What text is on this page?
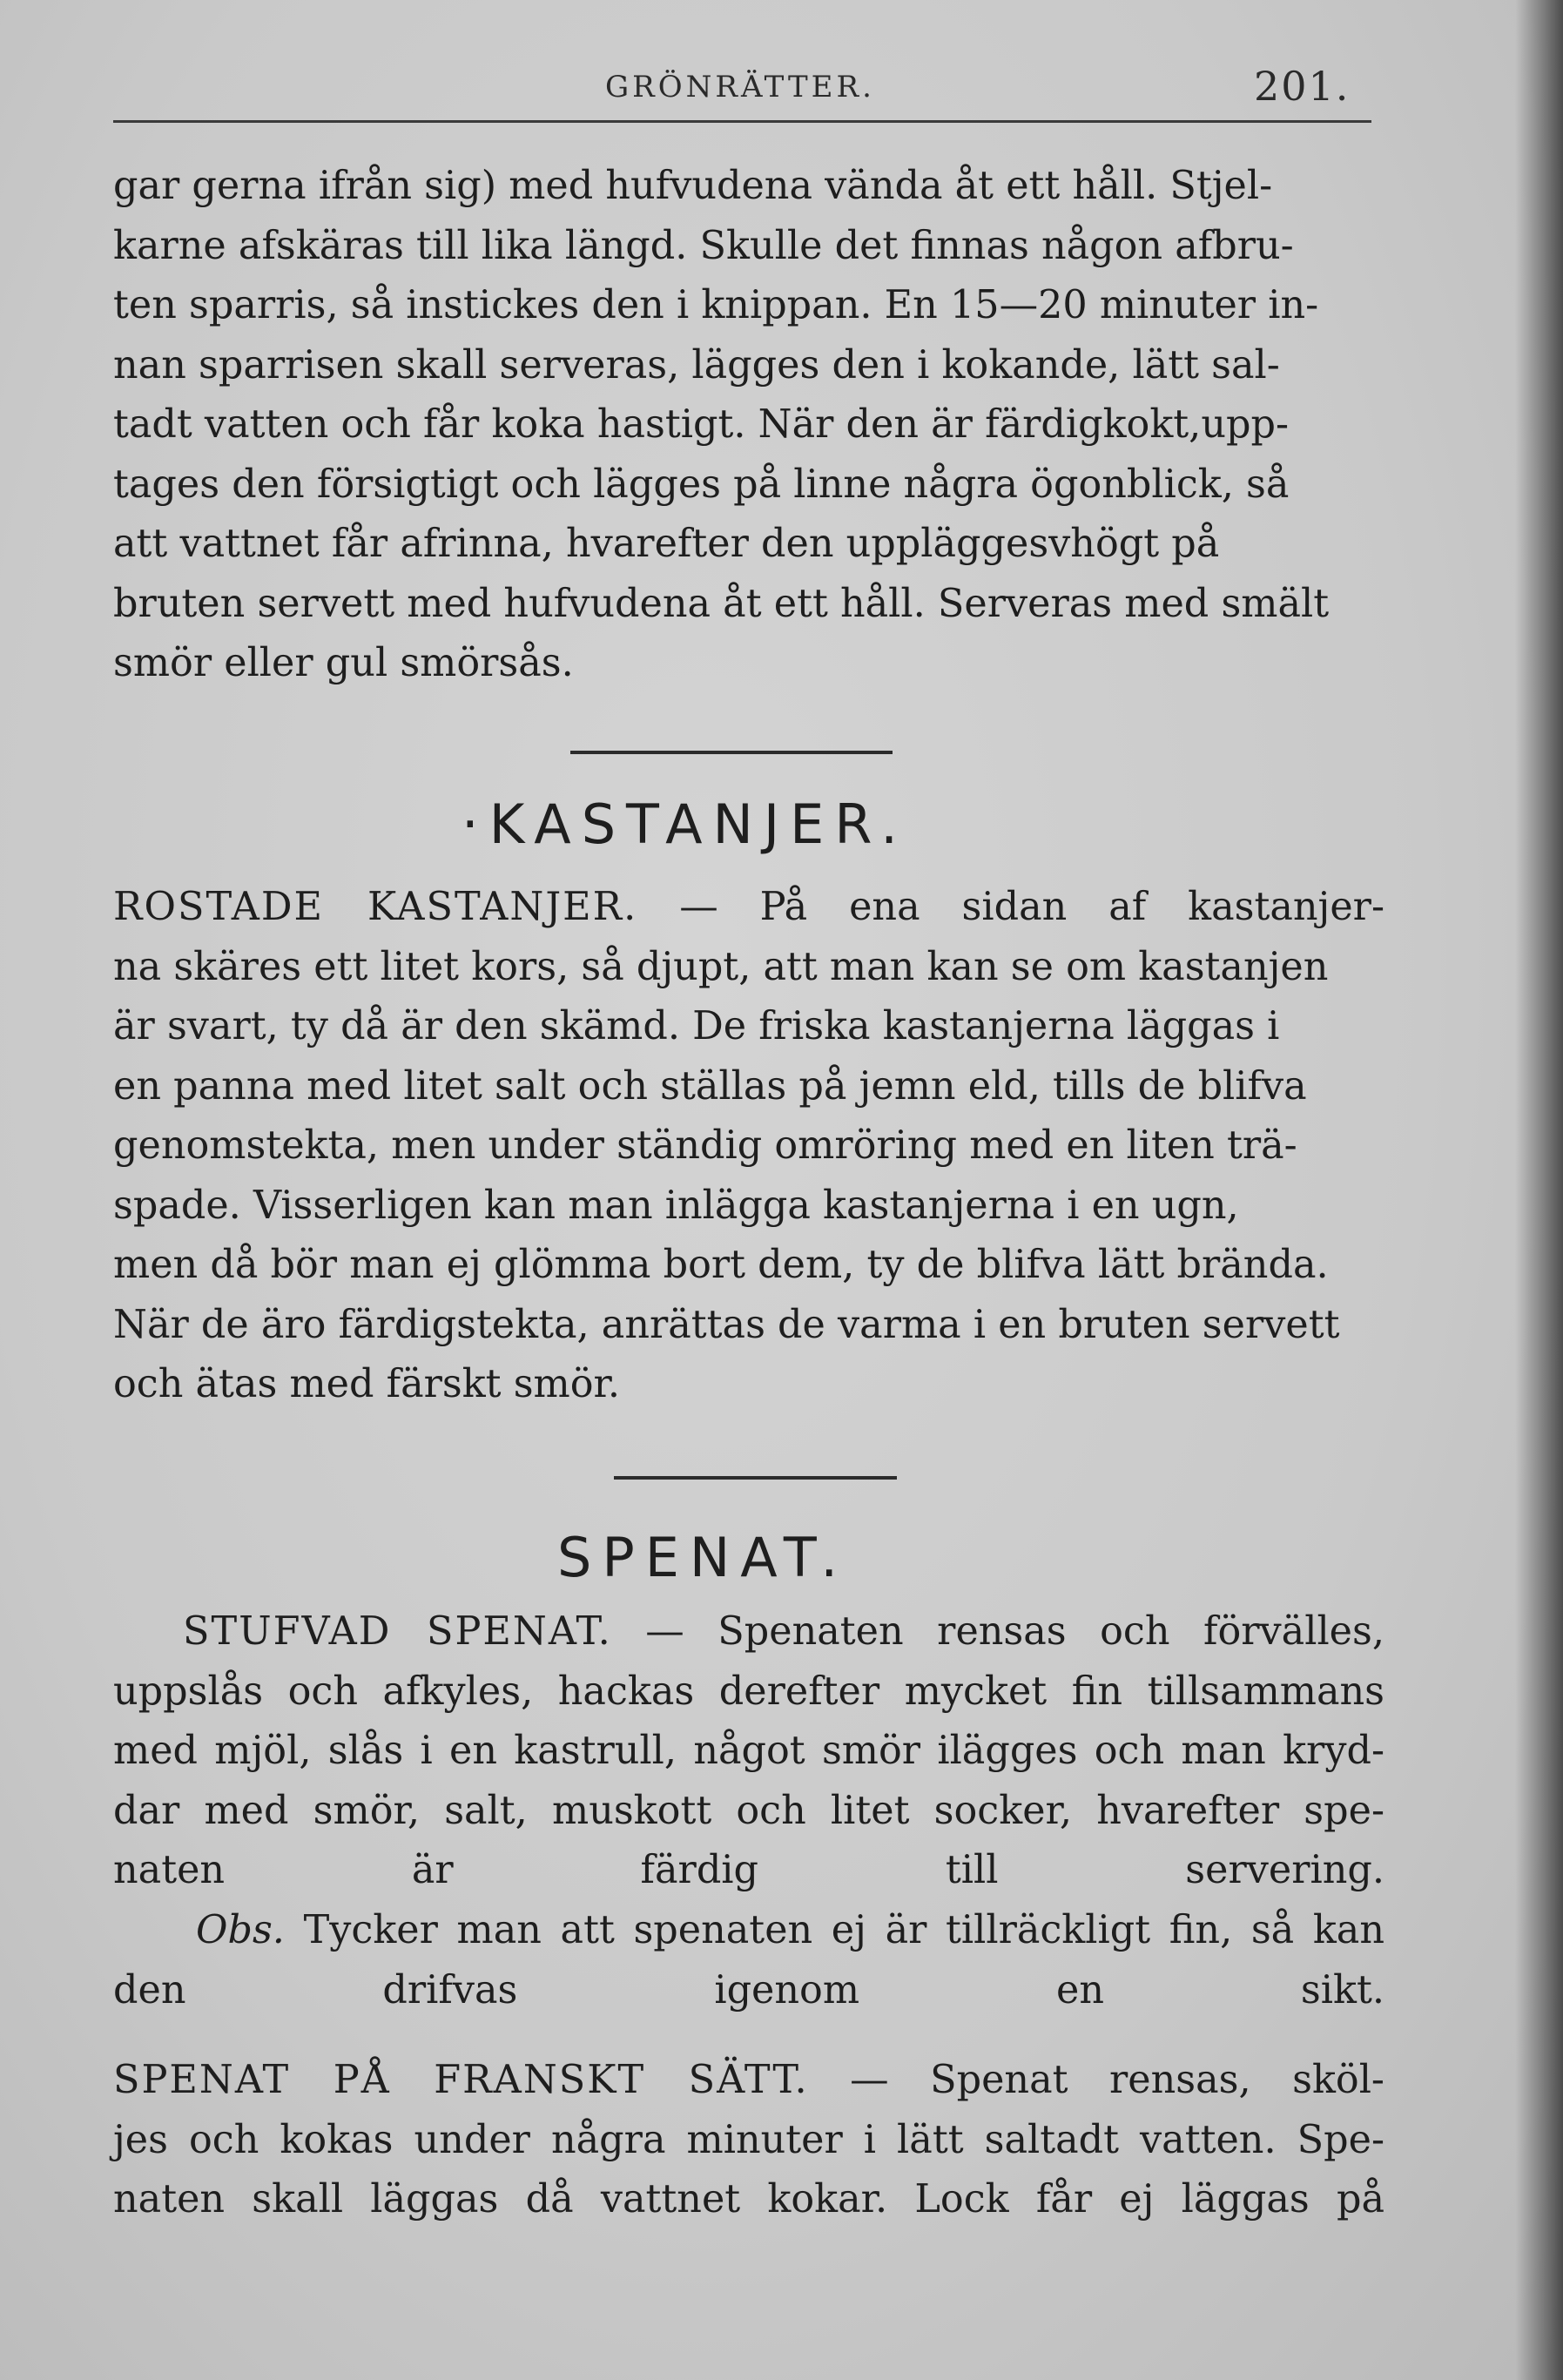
GRÖNRÄTTER.	201.

gar gerna ifrån sig) med hufvudena vända åt ett håll. Stjel-
karne afskäras till lika längd. Skulle det finnas någon afbru-
ten sparris, så instickes den i knippan. En 15—20 minuter in-
nan sparrisen skall serveras, lägges den i kokande, lätt sal-
tadt vatten och får koka hastigt. När den är färdigkokt,upp-
tages den försigtigt och lägges på linne några ögonblick, så
att vattnet får afrinna, hvarefter den uppläggesvhögt på
bruten servett med hufvudena åt ett håll. Serveras med smält
smör eller gul smörsås.

·KASTANJER.

ROSTADE KASTANJER. — På ena sidan af kastanjer-
na skäres ett litet kors, så djupt, att man kan se om kastanjen
är svart, ty då är den skämd. De friska kastanjerna läggas i
en panna med litet salt och ställas på jemn eld, tills de blifva
genomstekta, men under ständig omröring med en liten trä-
spade. Visserligen kan man inlägga kastanjerna i en ugn,
men då bör man ej glömma bort dem, ty de blifva lätt brända.
När de äro färdigstekta, anrättas de varma i en bruten servett
och ätas med färskt smör.

SPENAT.

STUFVAD SPENAT. — Spenaten rensas och förvälles,
uppslås och afkyles, hackas derefter mycket fin tillsammans
med mjöl, slås i en kastrull, något smör ilägges och man kryd-
dar med smör, salt, muskott och litet socker, hvarefter spe-
naten är färdig till servering.

Obs. Tycker man att spenaten ej är tillräckligt fin, så kan
den drifvas igenom en sikt.

SPENAT PÅ FRANSKT SÄTT. — Spenat rensas, sköl-
jes och kokas under några minuter i lätt saltadt vatten. Spe-
naten skall läggas då vattnet kokar. Lock får ej läggas på
